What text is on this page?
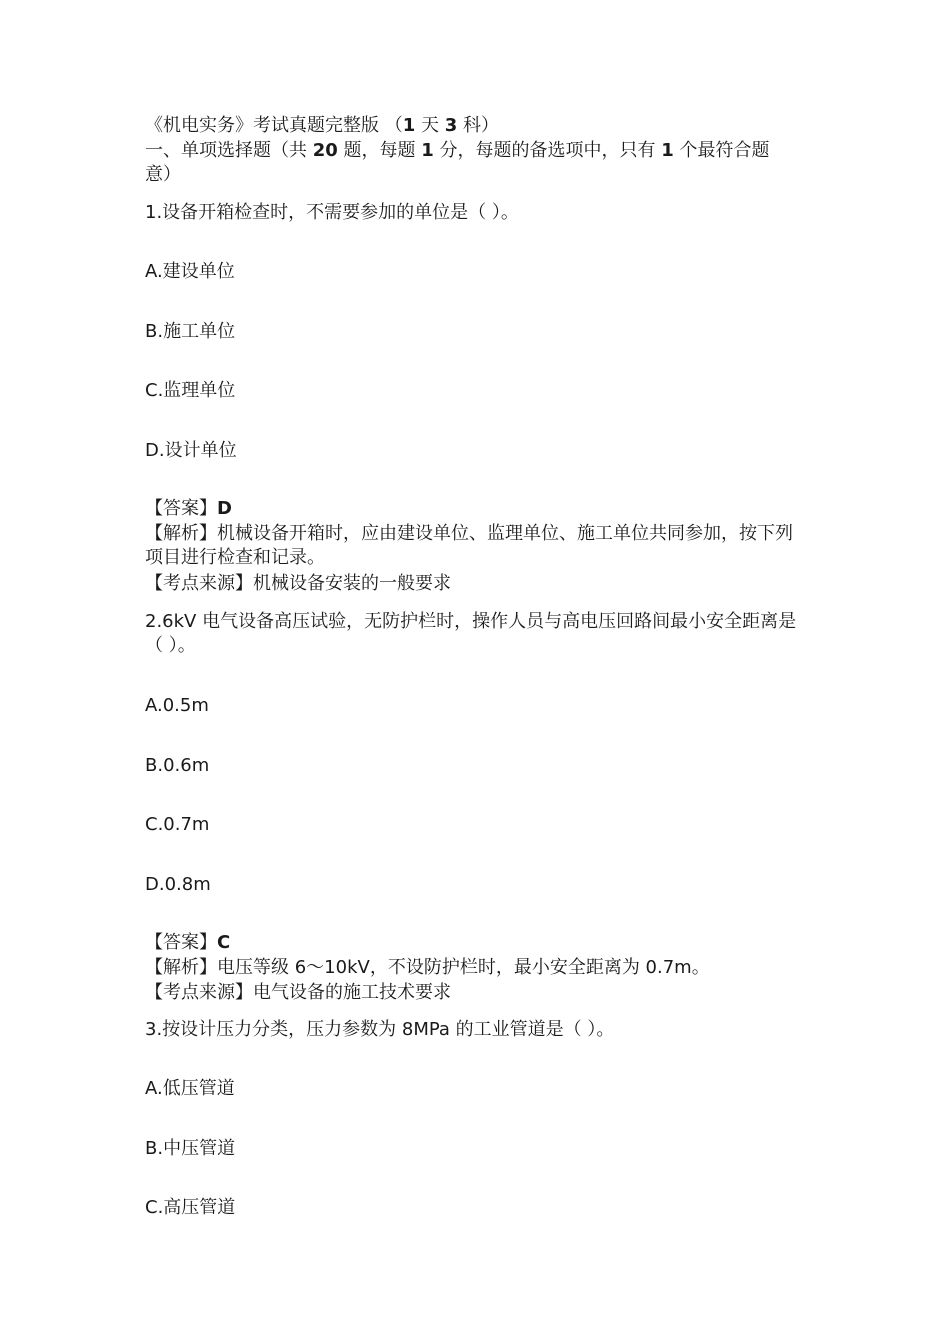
《机电实务》考试真题完整版 （1 天 3 科）
一、单项选择题（共 20 题，每题 1 分，每题的备选项中，只有 1 个最符合题
意）
1.设备开箱检查时，不需要参加的单位是（ ）。
A.建设单位
B.施工单位
C.监理单位
D.设计单位
【答案】D
【解析】机械设备开箱时，应由建设单位、监理单位、施工单位共同参加，按下列项目进行检查和记录。
【考点来源】机械设备安装的一般要求
2.6kV 电气设备高压试验，无防护栏时，操作人员与高电压回路间最小安全距离是（ ）。
A.0.5m
B.0.6m
C.0.7m
D.0.8m
【答案】C
【解析】电压等级 6～10kV，不设防护栏时，最小安全距离为 0.7m。
【考点来源】电气设备的施工技术要求
3.按设计压力分类，压力参数为 8MPa 的工业管道是（ ）。
A.低压管道
B.中压管道
C.高压管道
